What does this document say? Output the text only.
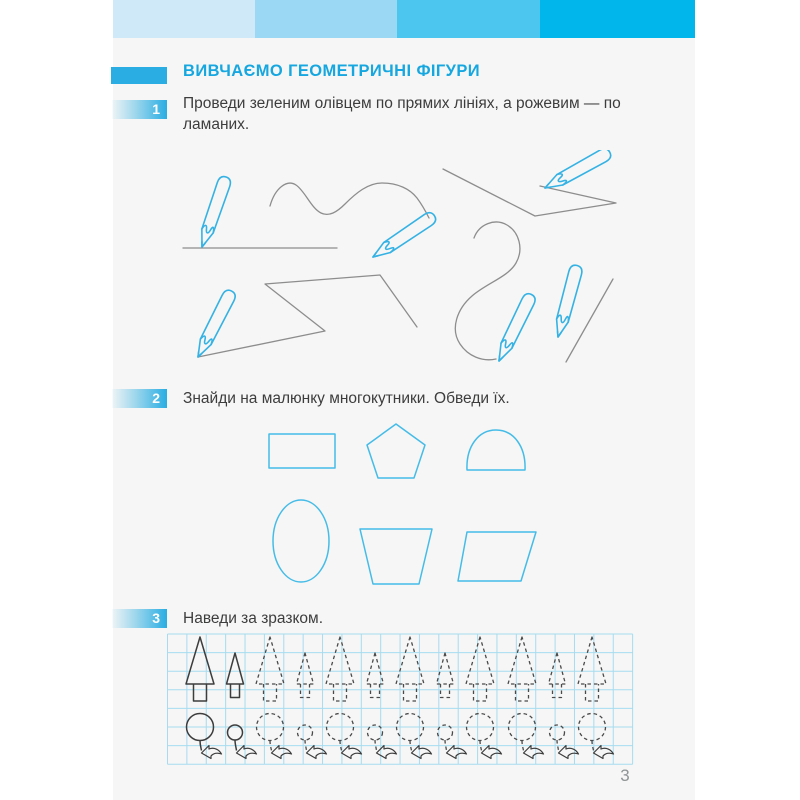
ВИВЧАЄМО ГЕОМЕТРИЧНІ ФІГУРИ
1	Проведи зеленим олівцем по прямих лініях, а рожевим — по ламаних.
2	Знайди на малюнку многокутники. Обведи їх.
3	Наведи за зразком.
3
